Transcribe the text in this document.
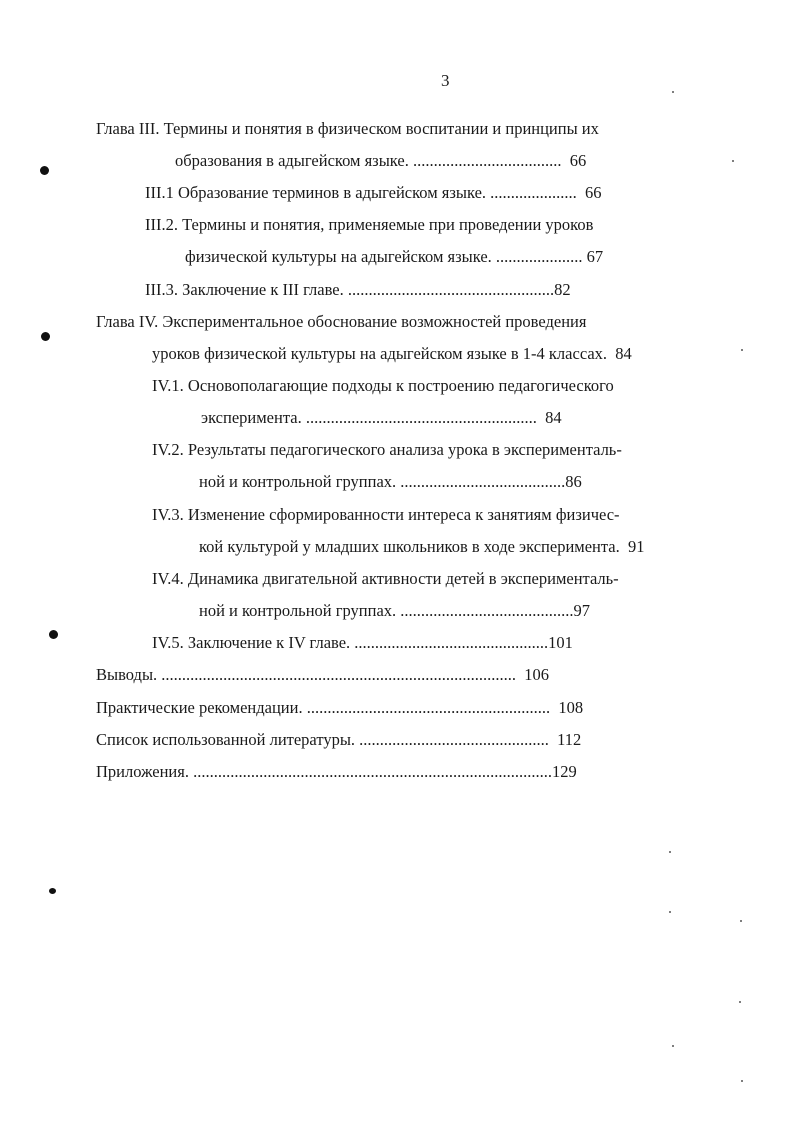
3
Глава III. Термины и понятия в физическом воспитании и принципы их
образования в адыгейском языке. ....................................  66
III.1 Образование терминов в адыгейском языке. .....................  66
III.2. Термины и понятия, применяемые при проведении уроков
физической культуры на адыгейском языке. ..................... 67
III.3. Заключение к III главе. ..................................................82
Глава IV. Экспериментальное обоснование возможностей проведения
уроков физической культуры на адыгейском языке в 1-4 классах.  84
IV.1. Основополагающие подходы к построению педагогического
эксперимента. ........................................................  84
IV.2. Результаты педагогического анализа урока в эксперименталь-
ной и контрольной группах. ........................................86
IV.3. Изменение сформированности интереса к занятиям физичес-
кой культурой у младших школьников в ходе эксперимента.  91
IV.4. Динамика двигательной активности детей в эксперименталь-
ной и контрольной группах. ..........................................97
IV.5. Заключение к IV главе. ...............................................101
Выводы. ......................................................................................  106
Практические рекомендации. ...........................................................  108
Список использованной литературы. ..............................................  112
Приложения. .......................................................................................129
